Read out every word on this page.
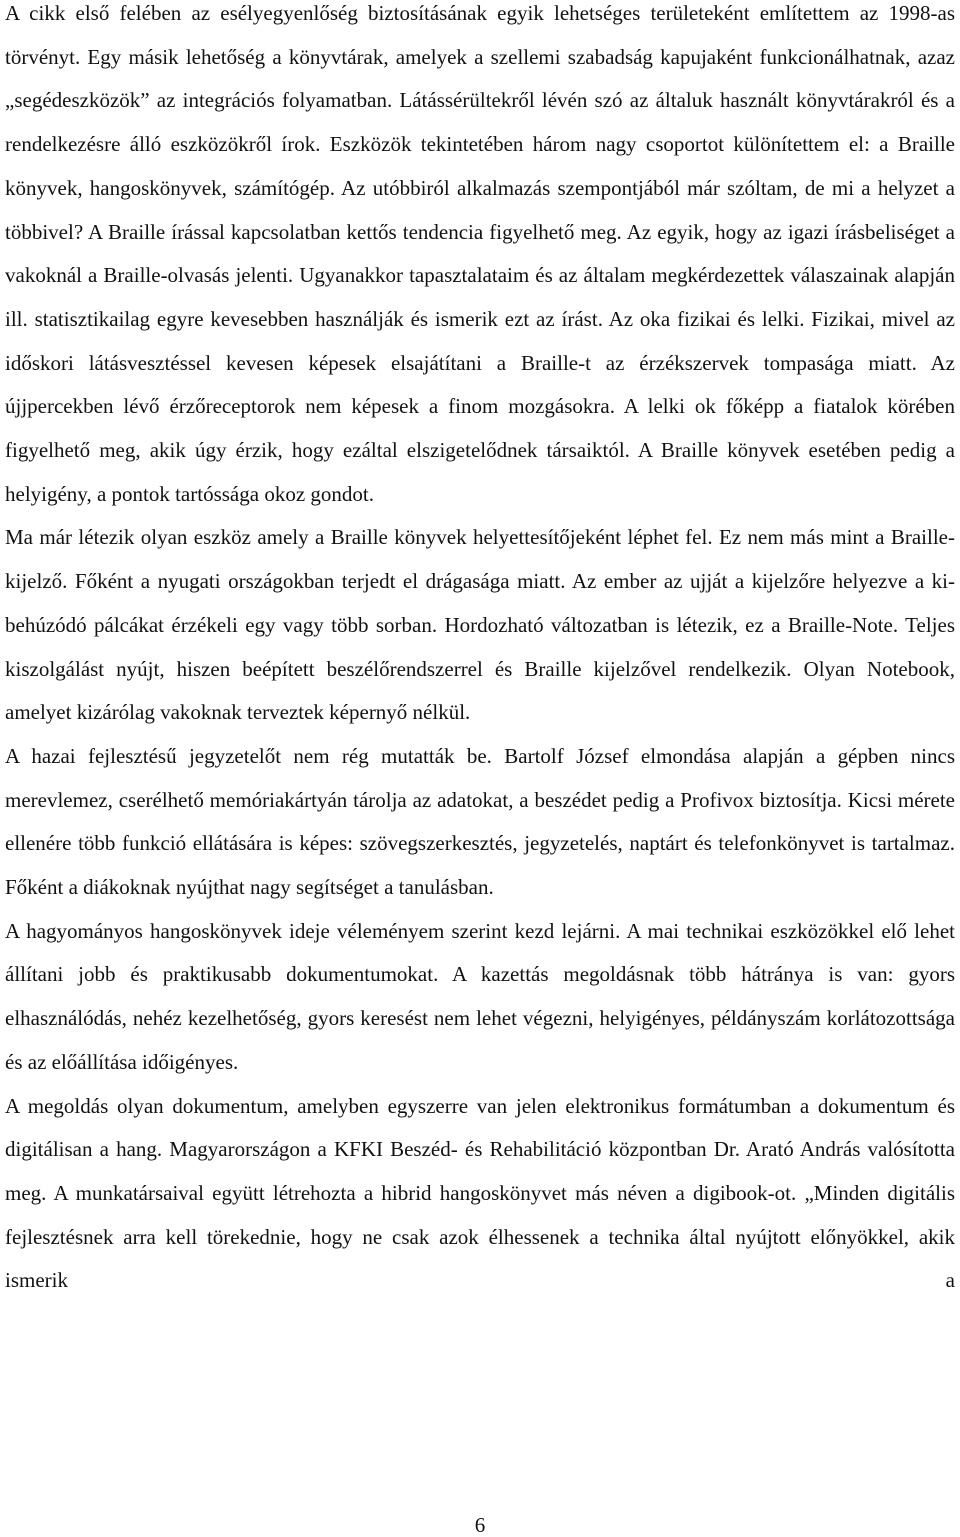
A cikk első felében az esélyegyenlőség biztosításának egyik lehetséges területeként említettem az 1998-as törvényt. Egy másik lehetőség a könyvtárak, amelyek a szellemi szabadság kapujaként funkcionálhatnak, azaz „segédeszközök” az integrációs folyamatban. Látássérültekről lévén szó az általuk használt könyvtárakról és a rendelkezésre álló eszközökről írok. Eszközök tekintetében három nagy csoportot különítettem el: a Braille könyvek, hangoskönyvek, számítógép. Az utóbbiról alkalmazás szempontjából már szóltam, de mi a helyzet a többivel? A Braille írással kapcsolatban kettős tendencia figyelhető meg. Az egyik, hogy az igazi írásbeliséget a vakoknál a Braille-olvasás jelenti. Ugyanakkor tapasztalataim és az általam megkérdezettek válaszainak alapján ill. statisztikailag egyre kevesebben használják és ismerik ezt az írást. Az oka fizikai és lelki. Fizikai, mivel az időskori látásvesztéssel kevesen képesek elsajátítani a Braille-t az érzékszervek tompasága miatt. Az újjpercekben lévő érzőreceptorok nem képesek a finom mozgásokra. A lelki ok főképp a fiatalok körében figyelhető meg, akik úgy érzik, hogy ezáltal elszigetelődnek társaiktól. A Braille könyvek esetében pedig a helyigény, a pontok tartóssága okoz gondot.

Ma már létezik olyan eszköz amely a Braille könyvek helyettesítőjeként léphet fel. Ez nem más mint a Braille-kijelző. Főként a nyugati országokban terjedt el drágasága miatt. Az ember az ujját a kijelzőre helyezve a ki-behúzódó pálcákat érzékeli egy vagy több sorban. Hordozható változatban is létezik, ez a Braille-Note. Teljes kiszolgálást nyújt, hiszen beépített beszélőrendszerrel és Braille kijelzővel rendelkezik. Olyan Notebook, amelyet kizárólag vakoknak terveztek képernyő nélkül.

A hazai fejlesztésű jegyzetelőt nem rég mutatták be. Bartolf József elmondása alapján a gépben nincs merevlemez, cserélhető memóriakártyán tárolja az adatokat, a beszédet pedig a Profivox biztosítja. Kicsi mérete ellenére több funkció ellátására is képes: szövegszerkesztés, jegyzetelés, naptárt és telefonkönyvet is tartalmaz. Főként a diákoknak nyújthat nagy segítséget a tanulásban.

A hagyományos hangoskönyvek ideje véleményem szerint kezd lejárni. A mai technikai eszközökkel elő lehet állítani jobb és praktikusabb dokumentumokat. A kazettás megoldásnak több hátránya is van: gyors elhasználódás, nehéz kezelhetőség, gyors keresést nem lehet végezni, helyigényes, példányszám korlátozottsága és az előállítása időigényes.

A megoldás olyan dokumentum, amelyben egyszerre van jelen elektronikus formátumban a dokumentum és digitálisan a hang. Magyarországon a KFKI Beszéd- és Rehabilitáció központban Dr. Arató András valósította meg. A munkatársaival együtt létrehozta a hibrid hangoskönyvet más néven a digibook-ot. „Minden digitális fejlesztésnek arra kell törekednie, hogy ne csak azok élhessenek a technika által nyújtott előnyökkel, akik ismerik a

6
